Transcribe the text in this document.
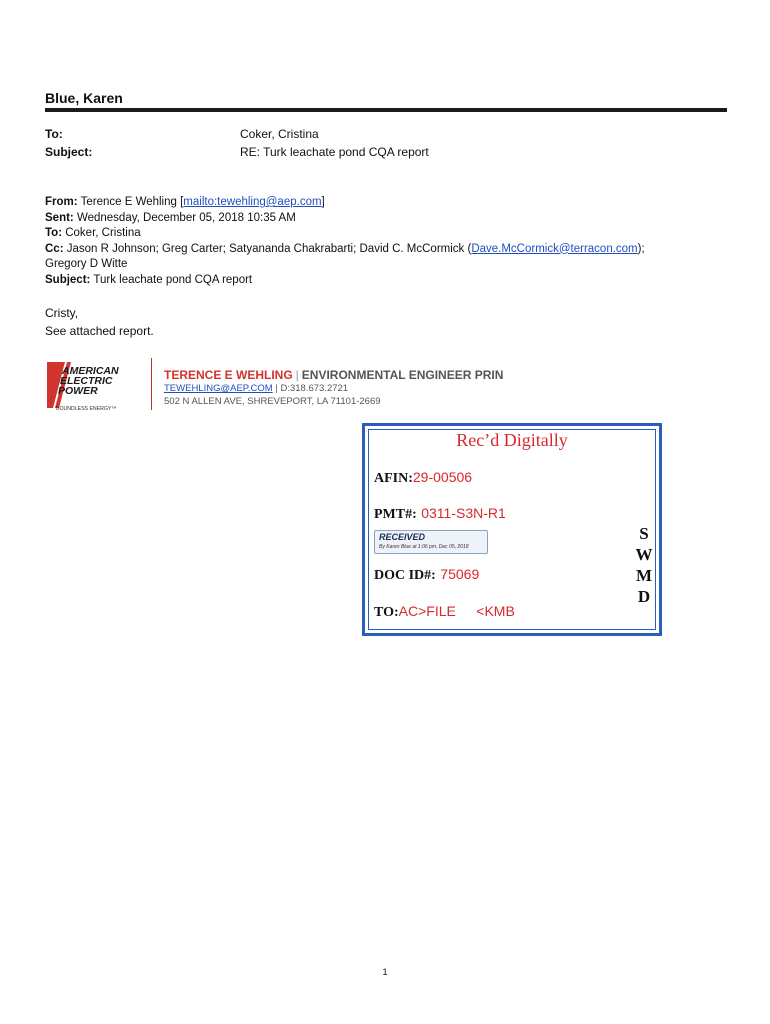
Blue, Karen
To:	Coker, Cristina
Subject:	RE: Turk leachate pond CQA report
From: Terence E Wehling [mailto:tewehling@aep.com]
Sent: Wednesday, December 05, 2018 10:35 AM
To: Coker, Cristina
Cc: Jason R Johnson; Greg Carter; Satyananda Chakrabarti; David C. McCormick (Dave.McCormick@terracon.com);
Gregory D Witte
Subject: Turk leachate pond CQA report
Cristy,
See attached report.
AMERICAN
ELECTRIC
POWER
BOUNDLESS ENERGY™
TERENCE E WEHLING | ENVIRONMENTAL ENGINEER PRIN
TEWEHLING@AEP.COM | D:318.673.2721
502 N ALLEN AVE, SHREVEPORT, LA 71101-2669
Rec’d Digitally
AFIN:29-00506
PMT#: 0311-S3N-R1
RECEIVED
By Karen Blue at 1:06 pm, Dec 05, 2018
DOC ID#: 75069
TO:AC>FILE <KMB
S
W
M
D
1
